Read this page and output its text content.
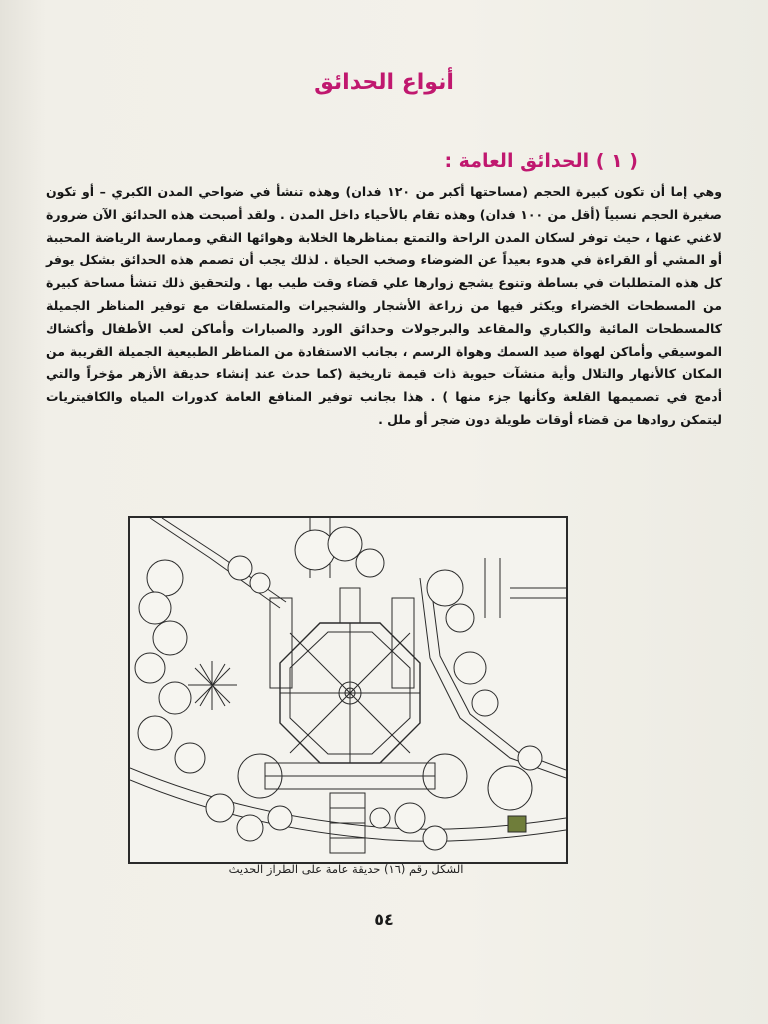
أنواع الحدائق
( ١ ) الحدائق العامة :
وهي إما أن تكون كبيرة الحجم (مساحتها أكبر من ١٢٠ فدان) وهذه تنشأ في ضواحي المدن الكبري – أو تكون صغيرة الحجم نسبياً (أقل من ١٠٠ فدان) وهذه تقام بالأحياء داخل المدن . ولقد أصبحت هذه الحدائق الآن ضرورة لاغني عنها ، حيث توفر لسكان المدن الراحة والتمتع بمناظرها الخلابة وهوائها النقي وممارسة الرياضة المحببة أو المشي أو القراءة في هدوء بعيداً عن الضوضاء وصخب الحياة . لذلك يجب أن تصمم هذه الحدائق بشكل يوفر كل هذه المتطلبات في بساطة وتنوع يشجع زوارها علي قضاء وقت طيب بها . ولتحقيق ذلك تنشأ مساحة كبيرة من المسطحات الخضراء ويكثر فيها من زراعة الأشجار والشجيرات والمتسلقات مع توفير المناظر الجميلة كالمسطحات المائية والكباري والمقاعد والبرجولات وحدائق الورد والصبارات وأماكن لعب الأطفال وأكشاك الموسيقي وأماكن لهواة صيد السمك وهواة الرسم ، بجانب الاستفادة من المناظر الطبيعية الجميلة القريبة من المكان كالأنهار والتلال وأية منشآت حيوية ذات قيمة تاريخية (كما حدث عند إنشاء حديقة الأزهر مؤخراً والتي أدمج في تصميمها القلعة وكأنها جزء منها ) . هذا بجانب توفير المنافع العامة كدورات المياه والكافيتريات ليتمكن روادها من قضاء أوقات طويلة دون ضجر أو ملل .
الشكل رقم (١٦) حديقة عامة على الطراز الحديث
٥٤
